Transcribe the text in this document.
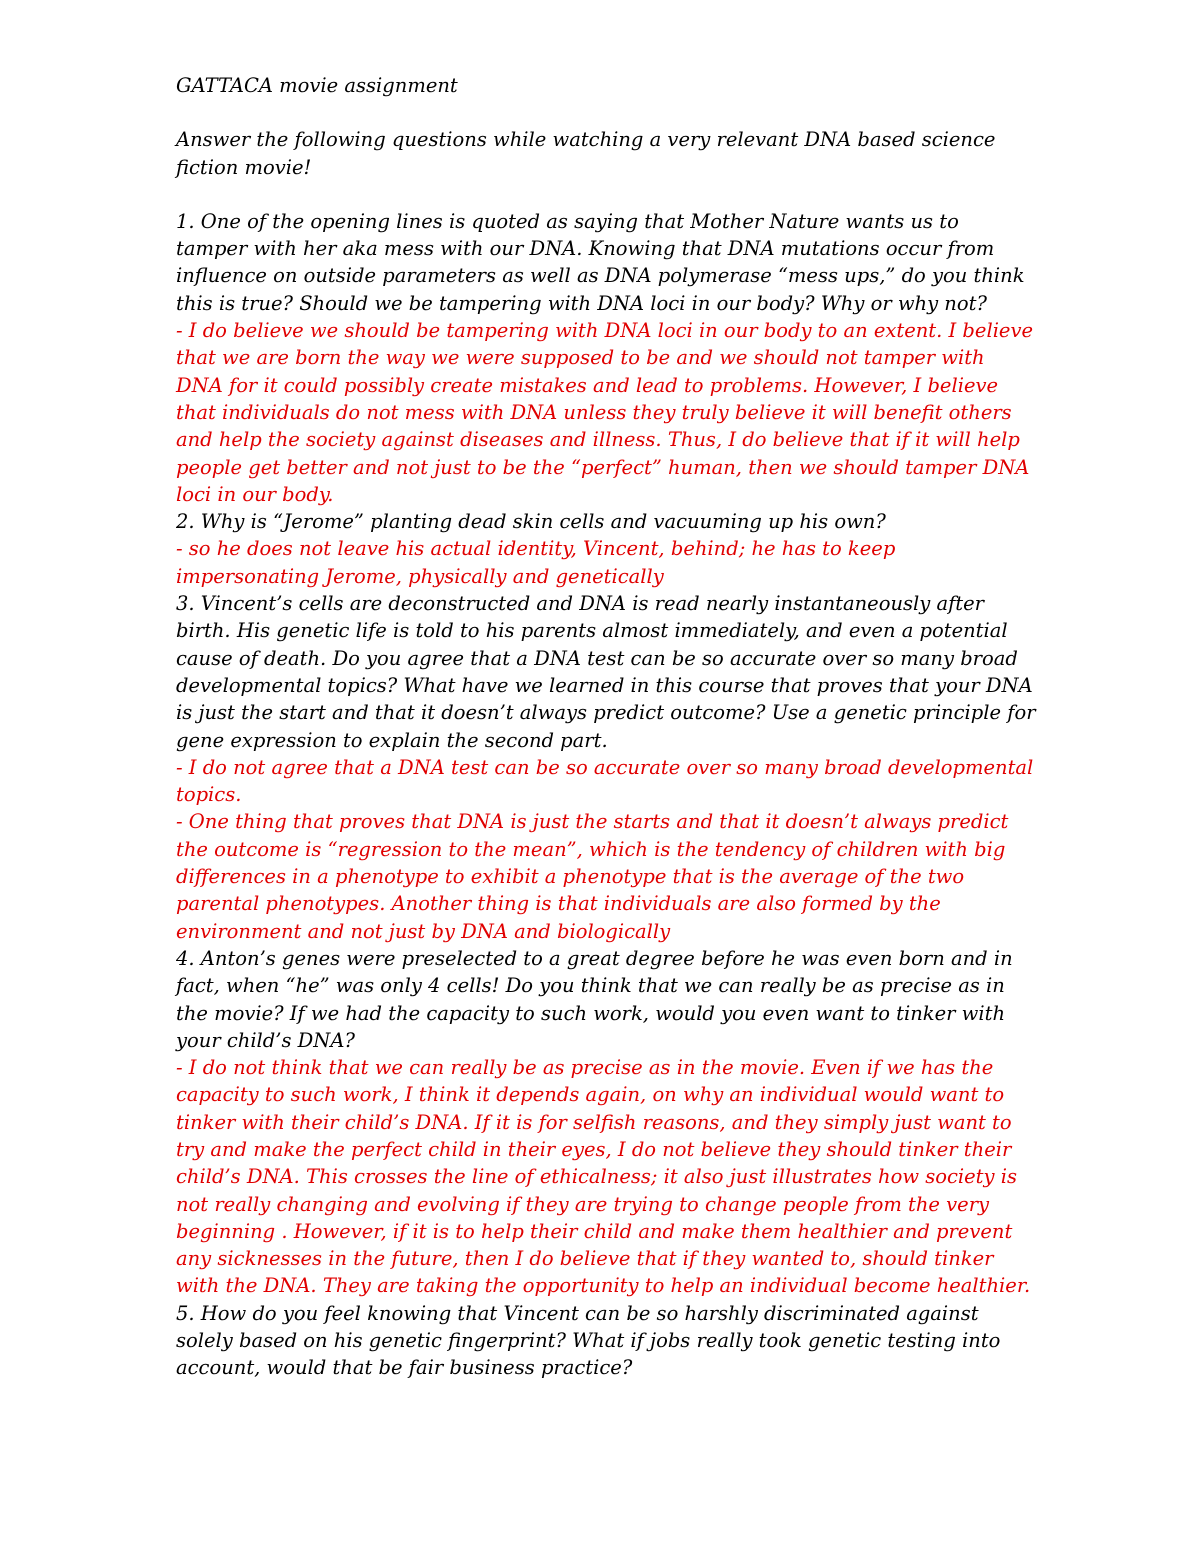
GATTACA movie assignment

Answer the following questions while watching a very relevant DNA based science fiction movie!

1. One of the opening lines is quoted as saying that Mother Nature wants us to tamper with her aka mess with our DNA. Knowing that DNA mutations occur from influence on outside parameters as well as DNA polymerase “mess ups,” do you think this is true? Should we be tampering with DNA loci in our body? Why or why not?

- I do believe we should be tampering with DNA loci in our body to an extent. I believe that we are born the way we were supposed to be and we should not tamper with DNA for it could possibly create mistakes and lead to problems. However, I believe that individuals do not mess with DNA unless they truly believe it will benefit others and help the society against diseases and illness. Thus, I do believe that if it will help people get better and not just to be the “perfect” human, then we should tamper DNA loci in our body.

2. Why is “Jerome” planting dead skin cells and vacuuming up his own?

- so he does not leave his actual identity, Vincent, behind; he has to keep impersonating Jerome, physically and genetically

3. Vincent’s cells are deconstructed and DNA is read nearly instantaneously after birth. His genetic life is told to his parents almost immediately, and even a potential cause of death. Do you agree that a DNA test can be so accurate over so many broad developmental topics? What have we learned in this course that proves that your DNA is just the start and that it doesn’t always predict outcome? Use a genetic principle for gene expression to explain the second part.

- I do not agree that a DNA test can be so accurate over so many broad developmental topics.

- One thing that proves that DNA is just the starts and that it doesn’t always predict the outcome is “regression to the mean”, which is the tendency of children with big differences in a phenotype to exhibit a phenotype that is the average of the two parental phenotypes. Another thing is that individuals are also formed by the environment and not just by DNA and biologically

4. Anton’s genes were preselected to a great degree before he was even born and in fact, when “he” was only 4 cells! Do you think that we can really be as precise as in the movie? If we had the capacity to such work, would you even want to tinker with your child’s DNA?

- I do not think that we can really be as precise as in the movie. Even if we has the capacity to such work, I think it depends again, on why an individual would want to tinker with their child’s DNA. If it is for selfish reasons, and they simply just want to try and make the perfect child in their eyes, I do not believe they should tinker their child’s DNA. This crosses the line of ethicalness; it also just illustrates how society is not really changing and evolving if they are trying to change people from the very beginning . However, if it is to help their child and make them healthier and prevent any sicknesses in the future, then I do believe that if they wanted to, should tinker with the DNA. They are taking the opportunity to help an individual become healthier.

5. How do you feel knowing that Vincent can be so harshly discriminated against solely based on his genetic fingerprint? What if jobs really took genetic testing into account, would that be fair business practice?
